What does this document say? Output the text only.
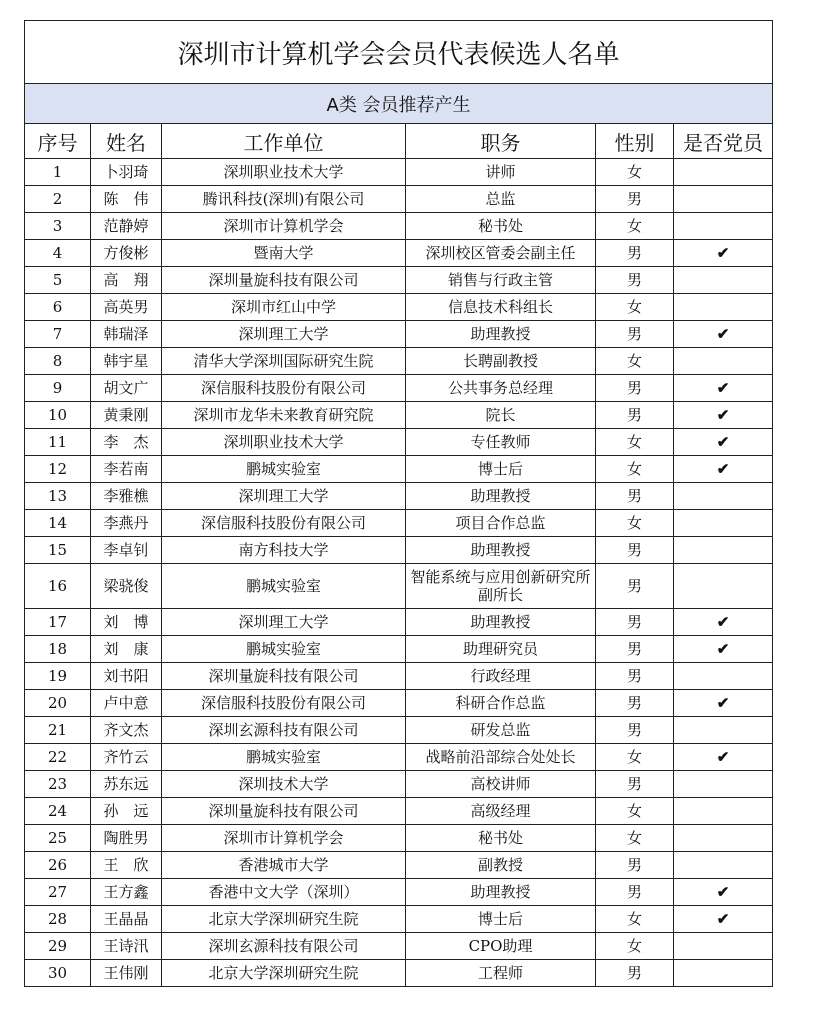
深圳市计算机学会会员代表候选人名单					
A类 会员推荐产生					
序号	姓名	工作单位	职务	性别	是否党员
1	卜羽琦	深圳职业技术大学	讲师	女	
2	陈　伟	腾讯科技(深圳)有限公司	总监	男	
3	范静婷	深圳市计算机学会	秘书处	女	
4	方俊彬	暨南大学	深圳校区管委会副主任	男	✔
5	高　翔	深圳量旋科技有限公司	销售与行政主管	男	
6	高英男	深圳市红山中学	信息技术科组长	女	
7	韩瑞泽	深圳理工大学	助理教授	男	✔
8	韩宇星	清华大学深圳国际研究生院	长聘副教授	女	
9	胡文广	深信服科技股份有限公司	公共事务总经理	男	✔
10	黄秉刚	深圳市龙华未来教育研究院	院长	男	✔
11	李　杰	深圳职业技术大学	专任教师	女	✔
12	李若南	鹏城实验室	博士后	女	✔
13	李雅樵	深圳理工大学	助理教授	男	
14	李燕丹	深信服科技股份有限公司	项目合作总监	女	
15	李卓钊	南方科技大学	助理教授	男	
16	梁骁俊	鹏城实验室	智能系统与应用创新研究所副所长	男	
17	刘　博	深圳理工大学	助理教授	男	✔
18	刘　康	鹏城实验室	助理研究员	男	✔
19	刘书阳	深圳量旋科技有限公司	行政经理	男	
20	卢中意	深信服科技股份有限公司	科研合作总监	男	✔
21	齐文杰	深圳玄源科技有限公司	研发总监	男	
22	齐竹云	鹏城实验室	战略前沿部综合处处长	女	✔
23	苏东远	深圳技术大学	高校讲师	男	
24	孙　远	深圳量旋科技有限公司	高级经理	女	
25	陶胜男	深圳市计算机学会	秘书处	女	
26	王　欣	香港城市大学	副教授	男	
27	王方鑫	香港中文大学（深圳）	助理教授	男	✔
28	王晶晶	北京大学深圳研究生院	博士后	女	✔
29	王诗汛	深圳玄源科技有限公司	CPO助理	女	
30	王伟刚	北京大学深圳研究生院	工程师	男	
